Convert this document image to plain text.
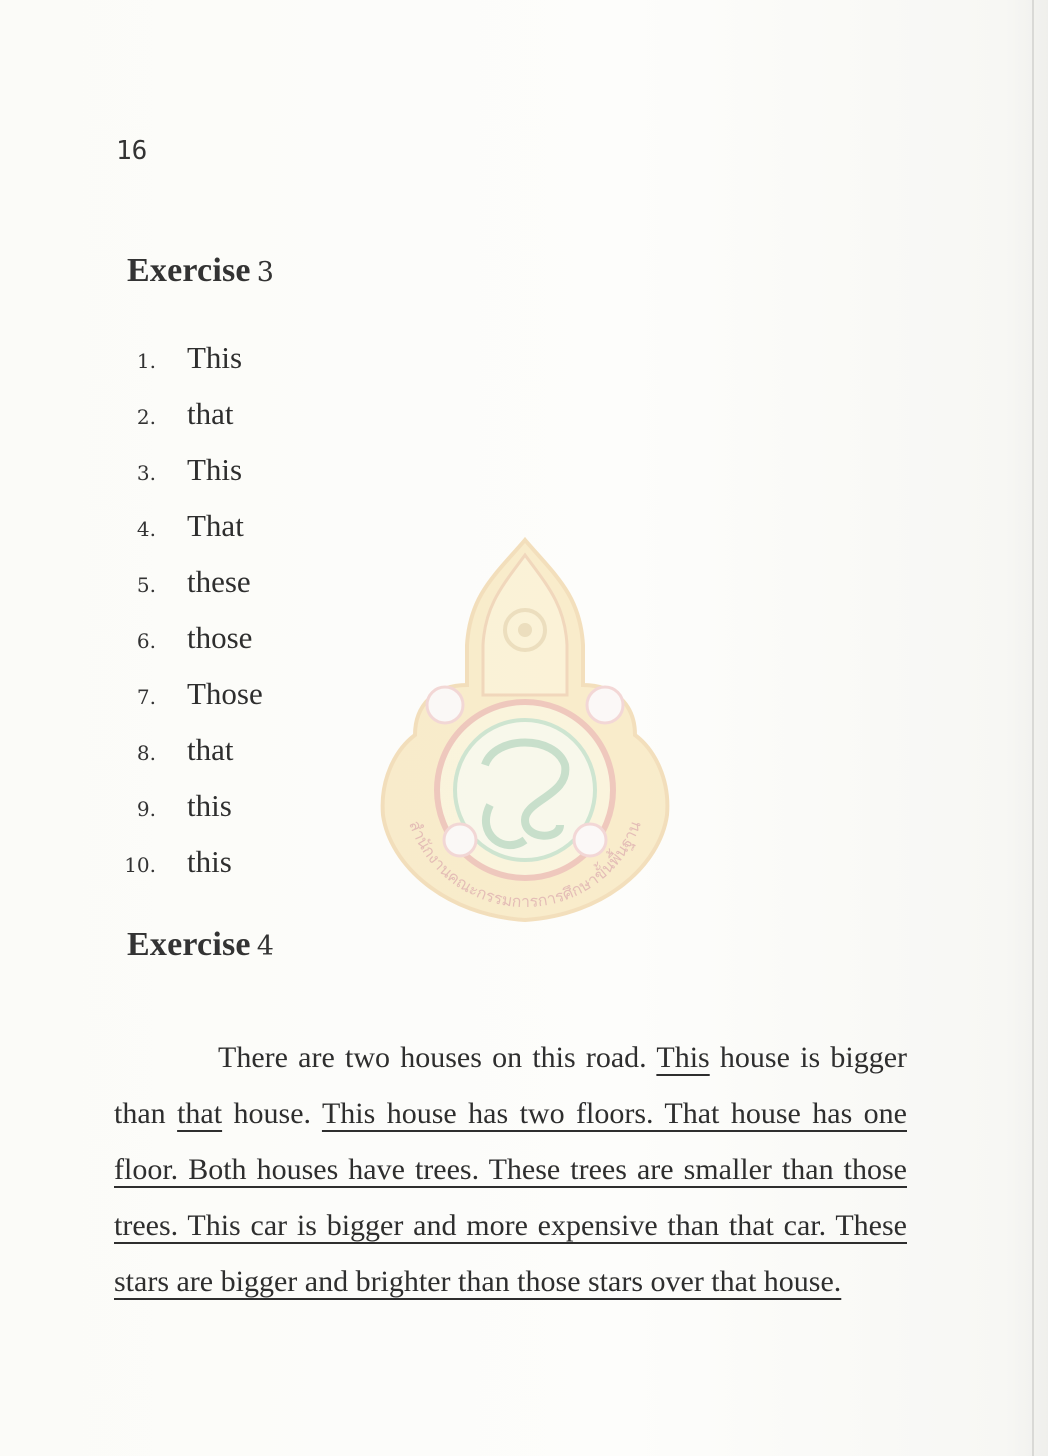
16
Exercise 3
1. This
2. that
3. This
4. That
5. these
6. those
7. Those
8. that
9. this
10. this
สำนักงานคณะกรรมการการศึกษาขั้นพื้นฐาน
Exercise 4

There are two houses on this road. This house is bigger than that house. This house has two floors. That house has one floor. Both houses have trees. These trees are smaller than those trees. This car is bigger and more expensive than that car. These stars are bigger and brighter than those stars over that house.
